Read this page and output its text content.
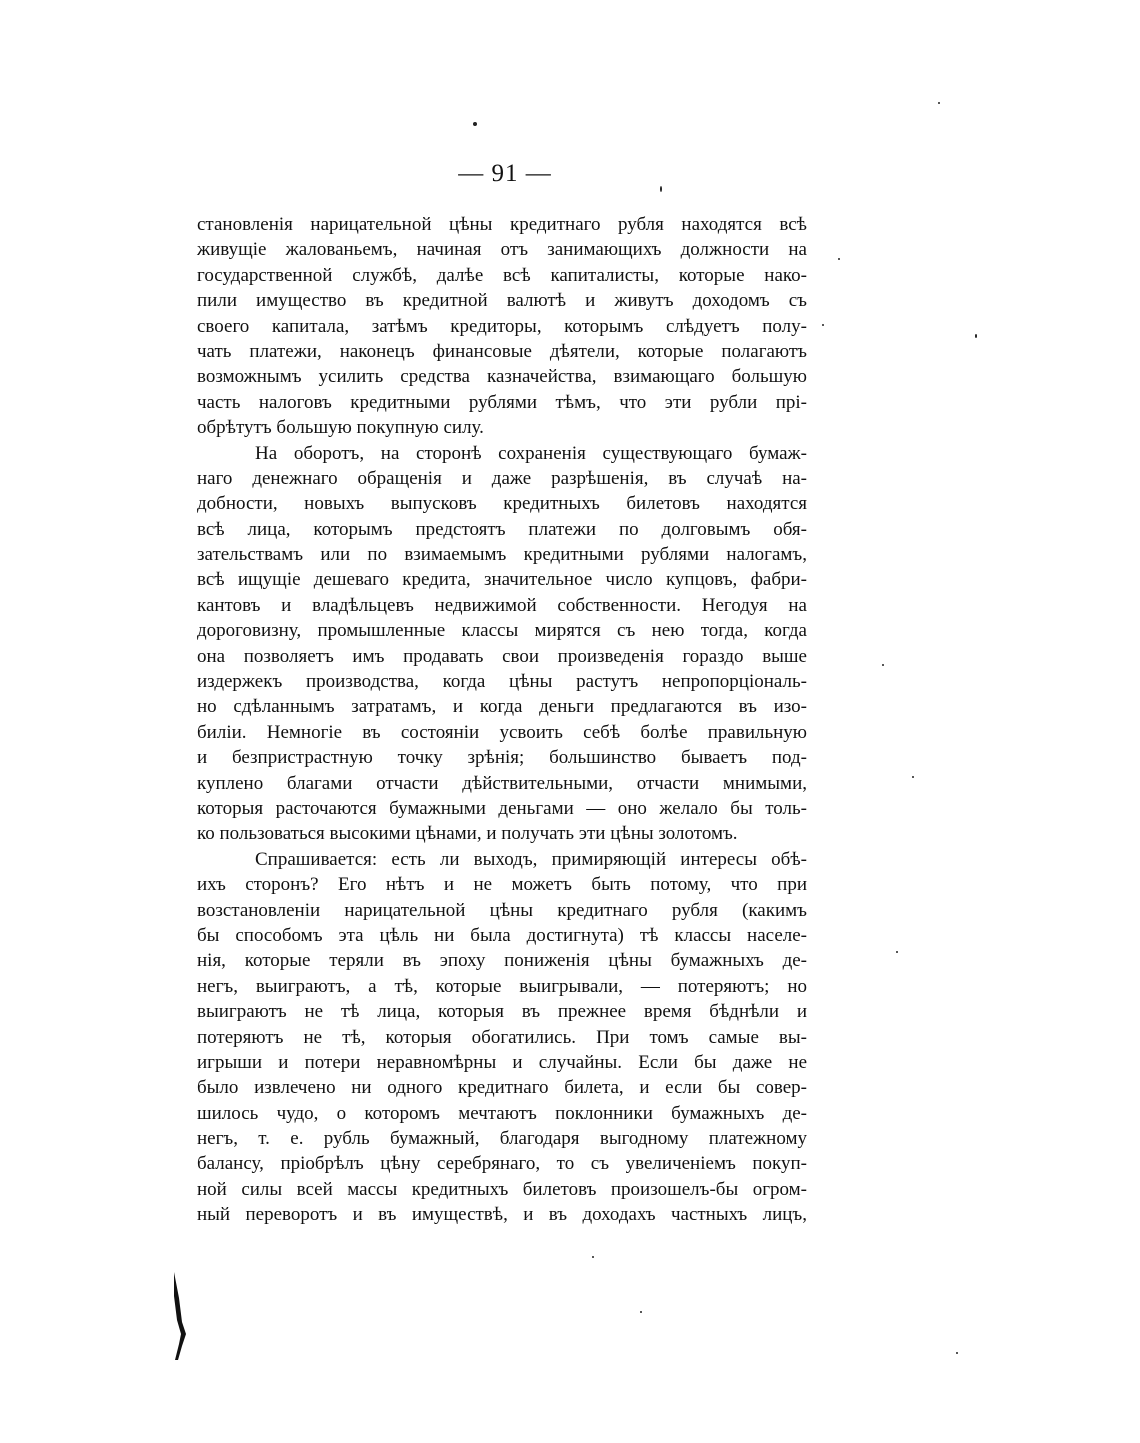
— 91 —
становленія нарицательной цѣны кредитнаго рубля находятся всѣ
живущіе жалованьемъ, начиная отъ занимающихъ должности на
государственной службѣ, далѣе всѣ капиталисты, которые нако-
пили имущество въ кредитной валютѣ и живутъ доходомъ съ
своего капитала, затѣмъ кредиторы, которымъ слѣдуетъ полу-
чать платежи, наконецъ финансовые дѣятели, которые полагаютъ
возможнымъ усилить средства казначейства, взимающаго большую
часть налоговъ кредитными рублями тѣмъ, что эти рубли прі-
обрѣтутъ большую покупную силу.
На оборотъ, на сторонѣ сохраненія существующаго бумаж-
наго денежнаго обращенія и даже разрѣшенія, въ случаѣ на-
добности, новыхъ выпусковъ кредитныхъ билетовъ находятся
всѣ лица, которымъ предстоятъ платежи по долговымъ обя-
зательствамъ или по взимаемымъ кредитными рублями налогамъ,
всѣ ищущіе дешеваго кредита, значительное число купцовъ, фабри-
кантовъ и владѣльцевъ недвижимой собственности. Негодуя на
дороговизну, промышленные классы мирятся съ нею тогда, когда
она позволяетъ имъ продавать свои произведенія гораздо выше
издержекъ производства, когда цѣны растутъ непропорціональ-
но сдѣланнымъ затратамъ, и когда деньги предлагаются въ изо-
биліи. Немногіе въ состояніи усвоить себѣ болѣе правильную
и безпристрастную точку зрѣнія; большинство бываетъ под-
куплено благами отчасти дѣйствительными, отчасти мнимыми,
которыя расточаются бумажными деньгами — оно желало бы толь-
ко пользоваться высокими цѣнами, и получать эти цѣны золотомъ.
Спрашивается: есть ли выходъ, примиряющій интересы обѣ-
ихъ сторонъ? Его нѣтъ и не можетъ быть потому, что при
возстановленіи нарицательной цѣны кредитнаго рубля (какимъ
бы способомъ эта цѣль ни была достигнута) тѣ классы населе-
нія, которые теряли въ эпоху пониженія цѣны бумажныхъ де-
негъ, выиграютъ, а тѣ, которые выигрывали, — потеряютъ; но
выиграютъ не тѣ лица, которыя въ прежнее время бѣднѣли и
потеряютъ не тѣ, которыя обогатились. При томъ самые вы-
игрыши и потери неравномѣрны и случайны. Если бы даже не
было извлечено ни одного кредитнаго билета, и если бы совер-
шилось чудо, о которомъ мечтаютъ поклонники бумажныхъ де-
негъ, т. е. рубль бумажный, благодаря выгодному платежному
балансу, пріобрѣлъ цѣну серебрянаго, то съ увеличеніемъ покуп-
ной силы всей массы кредитныхъ билетовъ произошелъ-бы огром-
ный переворотъ и въ имуществѣ, и въ доходахъ частныхъ лицъ,
